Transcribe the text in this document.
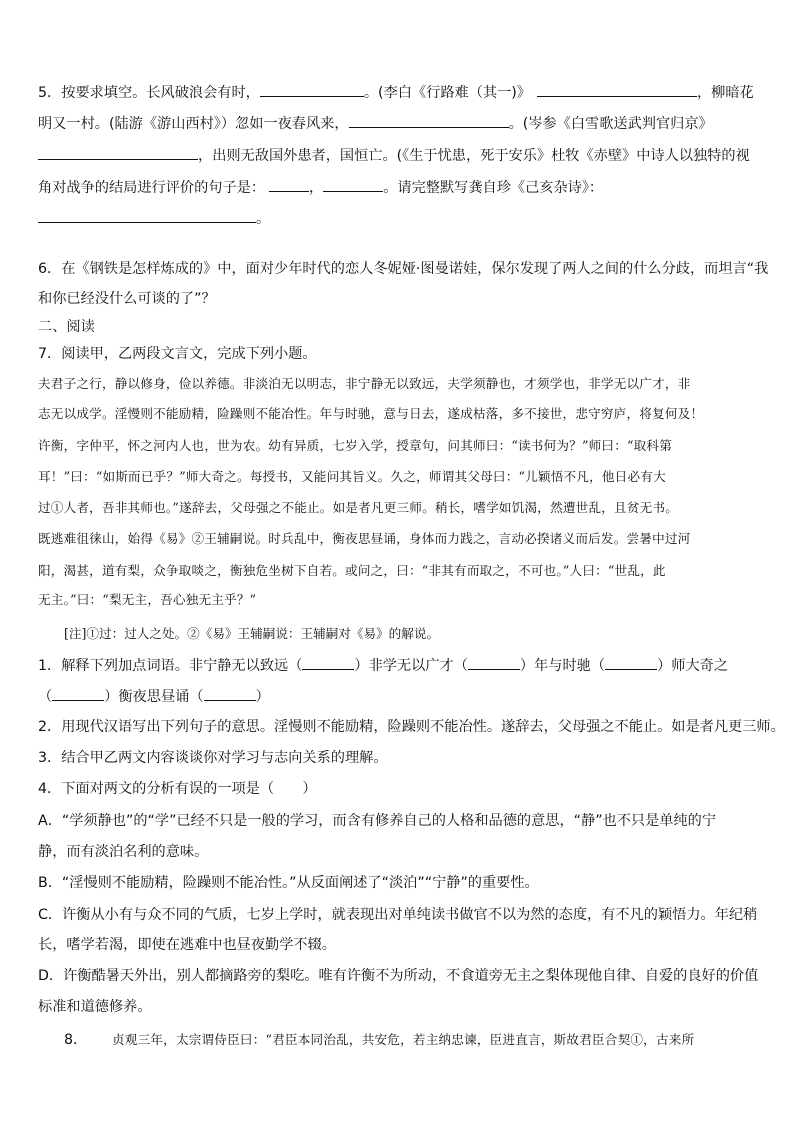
5．按要求填空。长风破浪会有时，	。(李白《行路难（其一)》	，柳暗花
明又一村。(陆游《游山西村》）忽如一夜春风来，	。(岑参《白雪歌送武判官归京》
，出则无敌国外患者，国恒亡。(《生于忧患，死于安乐》杜牧《赤壁》中诗人以独特的视
角对战争的结局进行评价的句子是：	，	。请完整默写龚自珍《己亥杂诗》：
。
6．在《钢铁是怎样炼成的》中，面对少年时代的恋人冬妮娅·图曼诺娃，保尔发现了两人之间的什么分歧，而坦言“我
和你已经没什么可谈的了”？
二、阅读
7．阅读甲，乙两段文言文，完成下列小题。
夫君子之行，静以修身，俭以养德。非淡泊无以明志，非宁静无以致远，夫学须静也，才须学也，非学无以广才，非
志无以成学。淫慢则不能励精，险躁则不能冶性。年与时驰，意与日去，遂成枯落，多不接世，悲守穷庐，将复何及！
许衡，字仲平，怀之河内人也，世为农。幼有异质，七岁入学，授章句，问其师曰：“读书何为？”师曰：“取科第
耳！”曰：“如斯而已乎？”师大奇之。每授书，又能问其旨义。久之，师谓其父母曰：“儿颖悟不凡，他日必有大
过①人者，吾非其师也。”遂辞去，父母强之不能止。如是者凡更三师。稍长，嗜学如饥渴，然遭世乱，且贫无书。
既逃难徂徕山，始得《易》②王辅嗣说。时兵乱中，衡夜思昼诵，身体而力践之，言动必揆诸义而后发。尝暑中过河
阳，渴甚，道有梨，众争取啖之，衡独危坐树下自若。或问之，曰：“非其有而取之，不可也。”人曰：“世乱，此
无主。”曰：“梨无主，吾心独无主乎？”
[注]①过：过人之处。②《易》王辅嗣说：王辅嗣对《易》的解说。
1．解释下列加点词语。非宁静无以致远（	）非学无以广才（	）年与时驰（	）师大奇之
（	）衡夜思昼诵（	）
2．用现代汉语写出下列句子的意思。淫慢则不能励精，险躁则不能冶性。遂辞去，父母强之不能止。如是者凡更三师。
3．结合甲乙两文内容谈谈你对学习与志向关系的理解。
4．下面对两文的分析有误的一项是（　　）
A．“学须静也”的“学”已经不只是一般的学习，而含有修养自己的人格和品德的意思，“静”也不只是单纯的宁
静，而有淡泊名利的意味。
B．“淫慢则不能励精，险躁则不能冶性。”从反面阐述了“淡泊”“宁静”的重要性。
C．许衡从小有与众不同的气质，七岁上学时，就表现出对单纯读书做官不以为然的态度，有不凡的颖悟力。年纪稍
长，嗜学若渴，即使在逃难中也昼夜勤学不辍。
D．许衡酷暑天外出，别人都摘路旁的梨吃。唯有许衡不为所动，不食道旁无主之梨体现他自律、自爱的良好的价值
标准和道德修养。
8． 贞观三年，太宗谓侍臣曰：“君臣本同治乱，共安危，若主纳忠谏，臣进直言，斯故君臣合契①，古来所
